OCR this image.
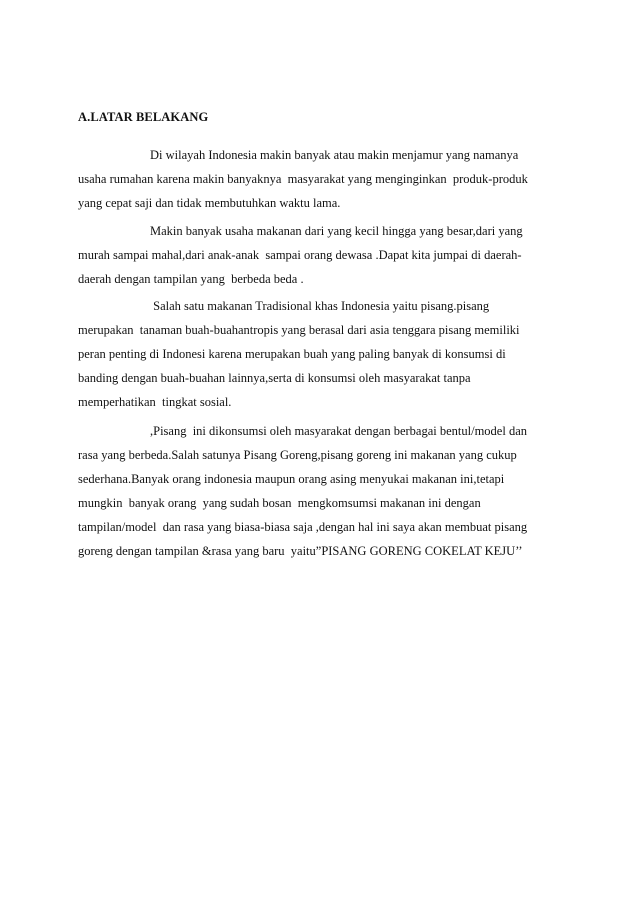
A.LATAR BELAKANG
Di wilayah Indonesia makin banyak atau makin menjamur yang namanya
usaha rumahan karena makin banyaknya  masyarakat yang menginginkan  produk-produk
yang cepat saji dan tidak membutuhkan waktu lama.
Makin banyak usaha makanan dari yang kecil hingga yang besar,dari yang
murah sampai mahal,dari anak-anak  sampai orang dewasa .Dapat kita jumpai di daerah-
daerah dengan tampilan yang  berbeda beda .
Salah satu makanan Tradisional khas Indonesia yaitu pisang.pisang
merupakan  tanaman buah-buahantropis yang berasal dari asia tenggara pisang memiliki
peran penting di Indonesi karena merupakan buah yang paling banyak di konsumsi di
banding dengan buah-buahan lainnya,serta di konsumsi oleh masyarakat tanpa
memperhatikan  tingkat sosial.
,Pisang  ini dikonsumsi oleh masyarakat dengan berbagai bentul/model dan
rasa yang berbeda.Salah satunya Pisang Goreng,pisang goreng ini makanan yang cukup
sederhana.Banyak orang indonesia maupun orang asing menyukai makanan ini,tetapi
mungkin  banyak orang  yang sudah bosan  mengkomsumsi makanan ini dengan
tampilan/model  dan rasa yang biasa-biasa saja ,dengan hal ini saya akan membuat pisang
goreng dengan tampilan &rasa yang baru  yaitu”PISANG GORENG COKELAT KEJU’’
